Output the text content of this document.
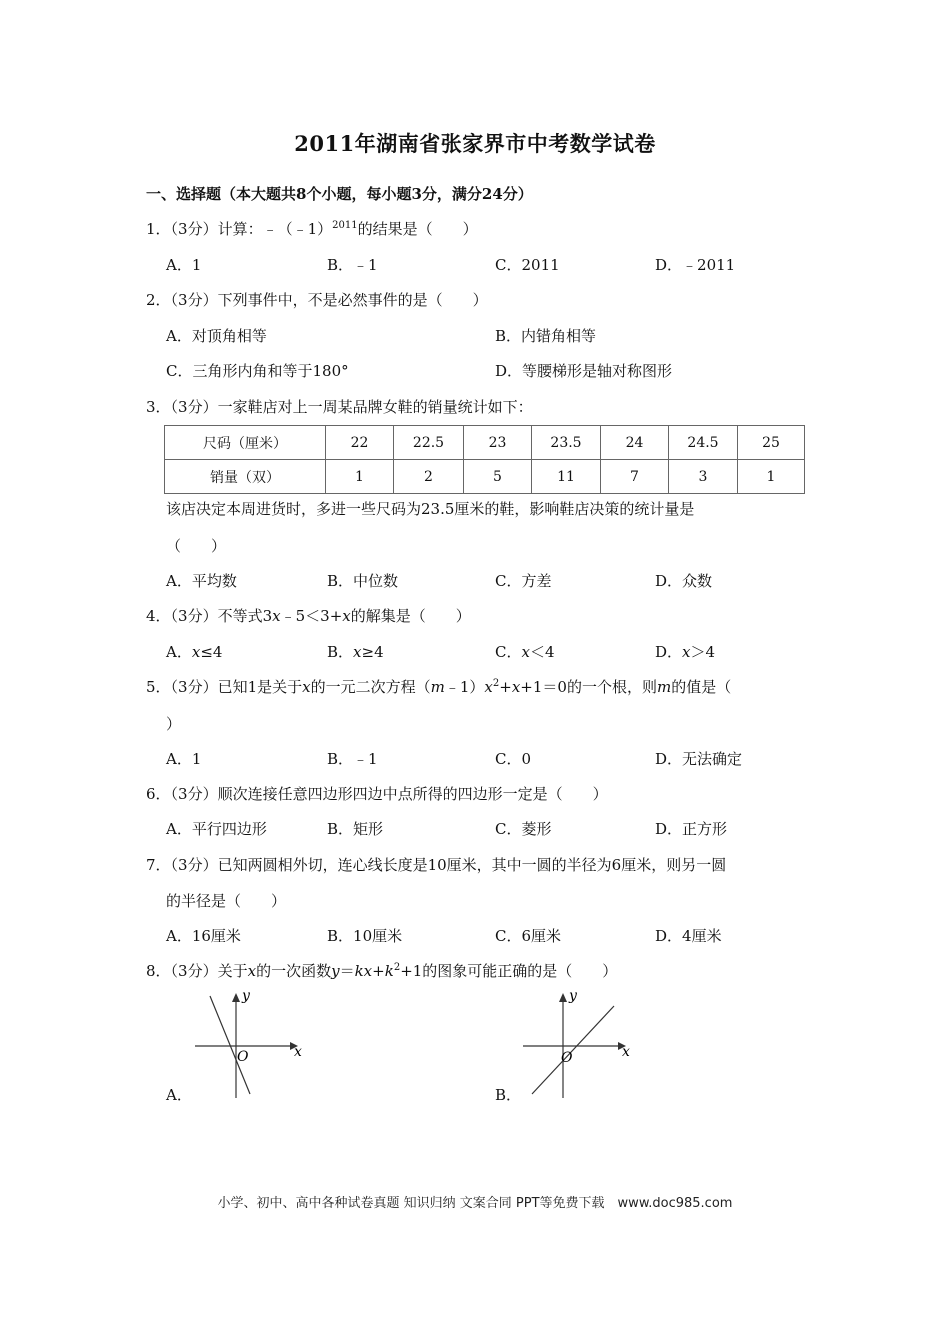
2011年湖南省张家界市中考数学试卷
一、选择题（本大题共8个小题，每小题3分，满分24分）
1．（3分）计算：﹣（﹣1）$^{2011}$的结果是（　　）
A．1	B．﹣1	C．2011	D．﹣2011
2．（3分）下列事件中，不是必然事件的是（　　）
A．对顶角相等	B．内错角相等
C．三角形内角和等于180°	D．等腰梯形是轴对称图形
3．（3分）一家鞋店对上一周某品牌女鞋的销量统计如下：
尺码（厘米）	22	22.5	23	23.5	24	24.5	25
销量（双）	1	2	5	11	7	3	1
该店决定本周进货时，多进一些尺码为23.5厘米的鞋，影响鞋店决策的统计量是
（　　）
A．平均数	B．中位数	C．方差	D．众数
4．（3分）不等式3x﹣5＜3+x的解集是（　　）
A．x≤4	B．x≥4	C．x＜4	D．x＞4
5．（3分）已知1是关于x的一元二次方程$(m﹣1)x^2+x+1=0$的一个根，则m的值是（
）
A．1	B．﹣1	C．0	D．无法确定
6．（3分）顺次连接任意四边形四边中点所得的四边形一定是（　　）
A．平行四边形	B．矩形	C．菱形	D．正方形
7．（3分）已知两圆相外切，连心线长度是10厘米，其中一圆的半径为6厘米，则另一圆
的半径是（　　）
A．16厘米	B．10厘米	C．6厘米	D．4厘米
8．（3分）关于x的一次函数$y=kx+k^2+1$的图象可能正确的是（　　）
y
x
O
A．
y
x
O
B．
小学、初中、高中各种试卷真题 知识归纳 文案合同 PPT等免费下载　www.doc985.com
